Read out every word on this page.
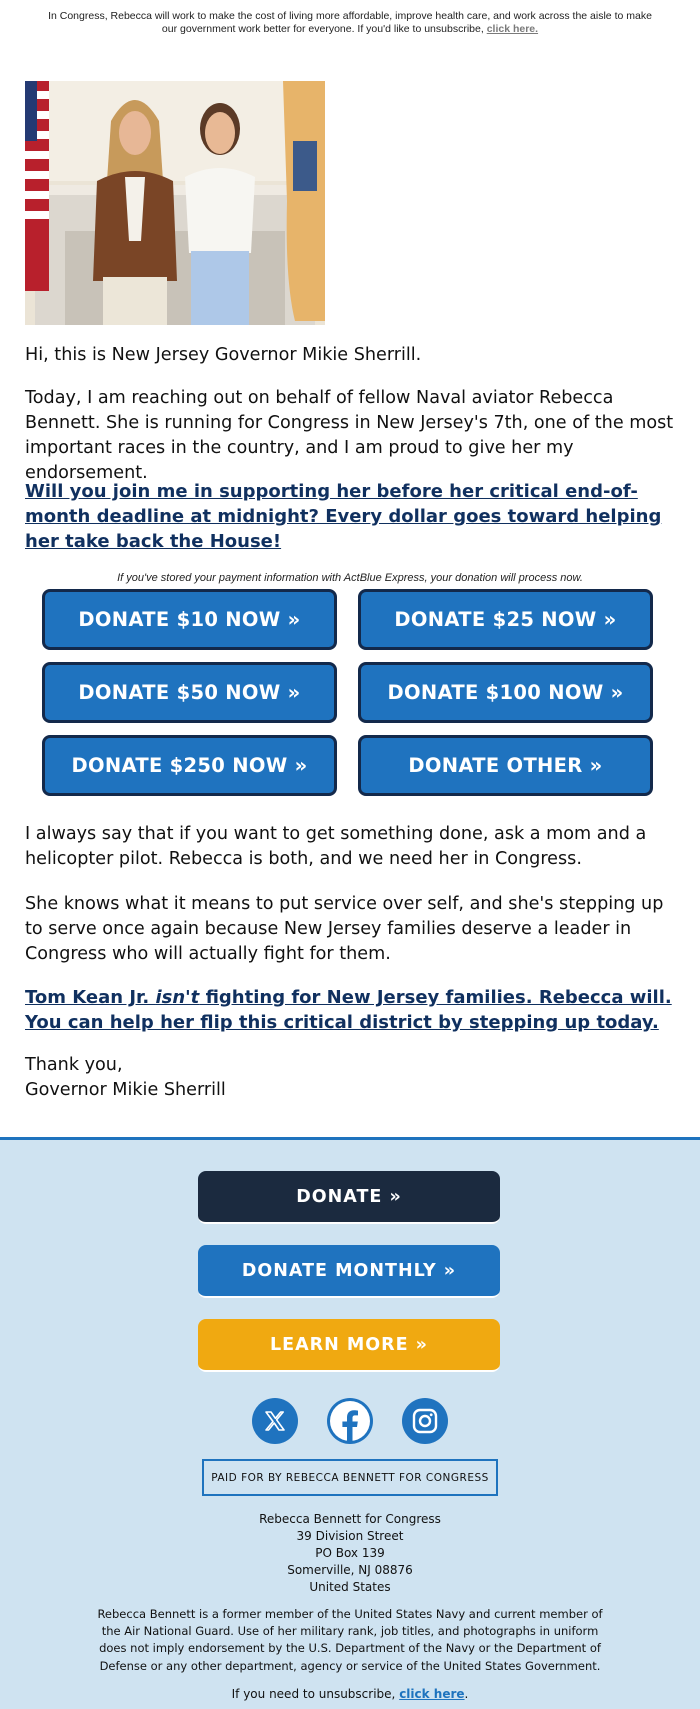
In Congress, Rebecca will work to make the cost of living more affordable, improve health care, and work across the aisle to make our government work better for everyone. If you'd like to unsubscribe, click here.
Hi, this is New Jersey Governor Mikie Sherrill.
Today, I am reaching out on behalf of fellow Naval aviator Rebecca Bennett. She is running for Congress in New Jersey's 7th, one of the most important races in the country, and I am proud to give her my endorsement.
Will you join me in supporting her before her critical end-of-month deadline at midnight? Every dollar goes toward helping her take back the House!
If you've stored your payment information with ActBlue Express, your donation will process now.
DONATE $10 NOW »	DONATE $25 NOW »
DONATE $50 NOW »	DONATE $100 NOW »
DONATE $250 NOW »	DONATE OTHER »
I always say that if you want to get something done, ask a mom and a helicopter pilot. Rebecca is both, and we need her in Congress.
She knows what it means to put service over self, and she's stepping up to serve once again because New Jersey families deserve a leader in Congress who will actually fight for them.
Tom Kean Jr. isn't fighting for New Jersey families. Rebecca will. You can help her flip this critical district by stepping up today.
Thank you,
Governor Mikie Sherrill
DONATE »
DONATE MONTHLY »
LEARN MORE »
PAID FOR BY REBECCA BENNETT FOR CONGRESS
Rebecca Bennett for Congress
39 Division Street
PO Box 139
Somerville, NJ 08876
United States
Rebecca Bennett is a former member of the United States Navy and current member of the Air National Guard. Use of her military rank, job titles, and photographs in uniform does not imply endorsement by the U.S. Department of the Navy or the Department of Defense or any other department, agency or service of the United States Government.
If you need to unsubscribe, click here.
